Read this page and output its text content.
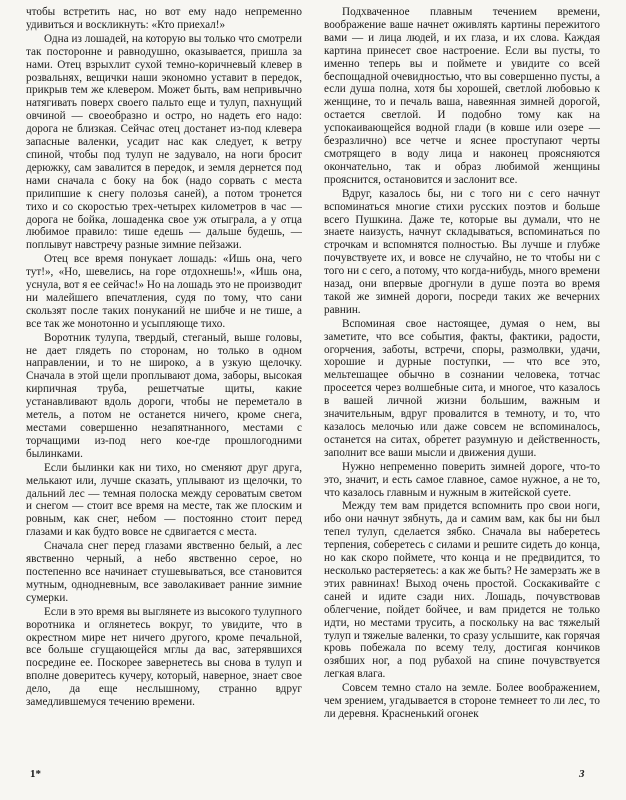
чтобы встретить нас, но вот ему надо непременно удивиться и воскликнуть: «Кто приехал!»

Одна из лошадей, на которую вы только что смотрели так посторонне и равнодушно, оказывается, пришла за нами. Отец взрыхлит сухой темно-коричневый клевер в розвальнях, вещички наши экономно уставит в передок, прикрыв тем же клевером. Может быть, вам непривычно натягивать поверх своего пальто еще и тулуп, пахнущий овчиной — своеобразно и остро, но надеть его надо: дорога не близкая. Сейчас отец достанет из-под клевера запасные валенки, усадит нас как следует, к ветру спиной, чтобы под тулуп не задувало, на ноги бросит дерюжку, сам завалится в передок, и земля дернется под нами сначала с боку на бок (надо сорвать с места прилипшие к снегу полозья саней), а потом тронется тихо и со скоростью трех-четырех километров в час — дорога не бойка, лошаденка свое уж отыграла, а у отца любимое правило: тише едешь — дальше будешь, — поплывут навстречу разные зимние пейзажи.

Отец все время понукает лошадь: «Ишь она, чего тут!», «Но, шевелись, на горе отдохнешь!», «Ишь она, уснула, вот я ее сейчас!» Но на лошадь это не производит ни малейшего впечатления, судя по тому, что сани скользят после таких понуканий не шибче и не тише, а все так же монотонно и усыпляюще тихо.

Воротник тулупа, твердый, стеганый, выше головы, не дает глядеть по сторонам, но только в одном направлении, и то не широко, а в узкую щелочку. Сначала в этой щели проплывают дома, заборы, высокая кирпичная труба, решетчатые щиты, какие устанавливают вдоль дороги, чтобы не переметало в метель, а потом не останется ничего, кроме снега, местами совершенно незапятнанного, местами с торчащими из-под него кое-где прошлогодними былинками.

Если былинки как ни тихо, но сменяют друг друга, мелькают или, лучше сказать, уплывают из щелочки, то дальний лес — темная полоска между сероватым светом и снегом — стоит все время на месте, так же плоским и ровным, как снег, небом — постоянно стоит перед глазами и как будто вовсе не сдвигается с места.

Сначала снег перед глазами явственно белый, а лес явственно черный, а небо явственно серое, но постепенно все начинает стушевываться, все становится мутным, однодневным, все заволакивает ранние зимние сумерки.

Если в это время вы выглянете из высокого тулупного воротника и оглянетесь вокруг, то увидите, что в окрестном мире нет ничего другого, кроме печальной, все больше сгущающейся мглы да вас, затерявшихся посредине ее. Поскорее завернетесь вы снова в тулуп и вполне доверитесь кучеру, который, наверное, знает свое дело, да еще неслышному, странно вдруг замедлившемуся течению времени.

Подхваченное плавным течением времени, воображение ваше начнет оживлять картины пережитого вами — и лица людей, и их глаза, и их слова. Каждая картина принесет свое настроение. Если вы пусты, то именно теперь вы и поймете и увидите со всей беспощадной очевидностью, что вы совершенно пусты, а если душа полна, хотя бы хорошей, светлой любовью к женщине, то и печаль ваша, навеянная зимней дорогой, остается светлой. И подобно тому как на успокаивающейся водной глади (в ковше или озере — безразлично) все четче и яснее проступают черты смотрящего в воду лица и наконец проясняются окончательно, так и образ любимой женщины прояснится, остановится и заслонит все.

Вдруг, казалось бы, ни с того ни с сего начнут вспоминаться многие стихи русских поэтов и больше всего Пушкина. Даже те, которые вы думали, что не знаете наизусть, начнут складываться, вспоминаться по строчкам и вспомнятся полностью. Вы лучше и глубже почувствуете их, и вовсе не случайно, не то чтобы ни с того ни с сего, а потому, что когда-нибудь, много времени назад, они впервые дрогнули в душе поэта во время такой же зимней дороги, посреди таких же вечерних равнин.

Вспоминая свое настоящее, думая о нем, вы заметите, что все события, факты, фактики, радости, огорчения, заботы, встречи, споры, размолвки, удачи, хорошие и дурные поступки, — что все это, мельтешащее обычно в сознании человека, тотчас просеется через волшебные сита, и многое, что казалось в вашей личной жизни большим, важным и значительным, вдруг провалится в темноту, и то, что казалось мелочью или даже совсем не вспоминалось, останется на ситах, обретет разумную и действенность, заполнит все ваши мысли и движения души.

Нужно непременно поверить зимней дороге, что-то это, значит, и есть самое главное, самое нужное, а не то, что казалось главным и нужным в житейской суете.

Между тем вам придется вспомнить про свои ноги, ибо они начнут зябнуть, да и самим вам, как бы ни был тепел тулуп, сделается зябко. Сначала вы наберетесь терпения, соберетесь с силами и решите сидеть до конца, но как скоро поймете, что конца и не предвидится, то несколько растеряетесь: а как же быть? Не замерзать же в этих равнинах! Выход очень простой. Соскакивайте с саней и идите сзади них. Лошадь, почувствовав облегчение, пойдет бойчее, и вам придется не только идти, но местами трусить, а поскольку на вас тяжелый тулуп и тяжелые валенки, то сразу услышите, как горячая кровь побежала по всему телу, достигая кончиков озябших ног, а под рубахой на спине почувствуется легкая влага.

Совсем темно стало на земле. Более воображением, чем зрением, угадывается в стороне темнеет то ли лес, то ли деревня. Красненький огонек

1*	3
